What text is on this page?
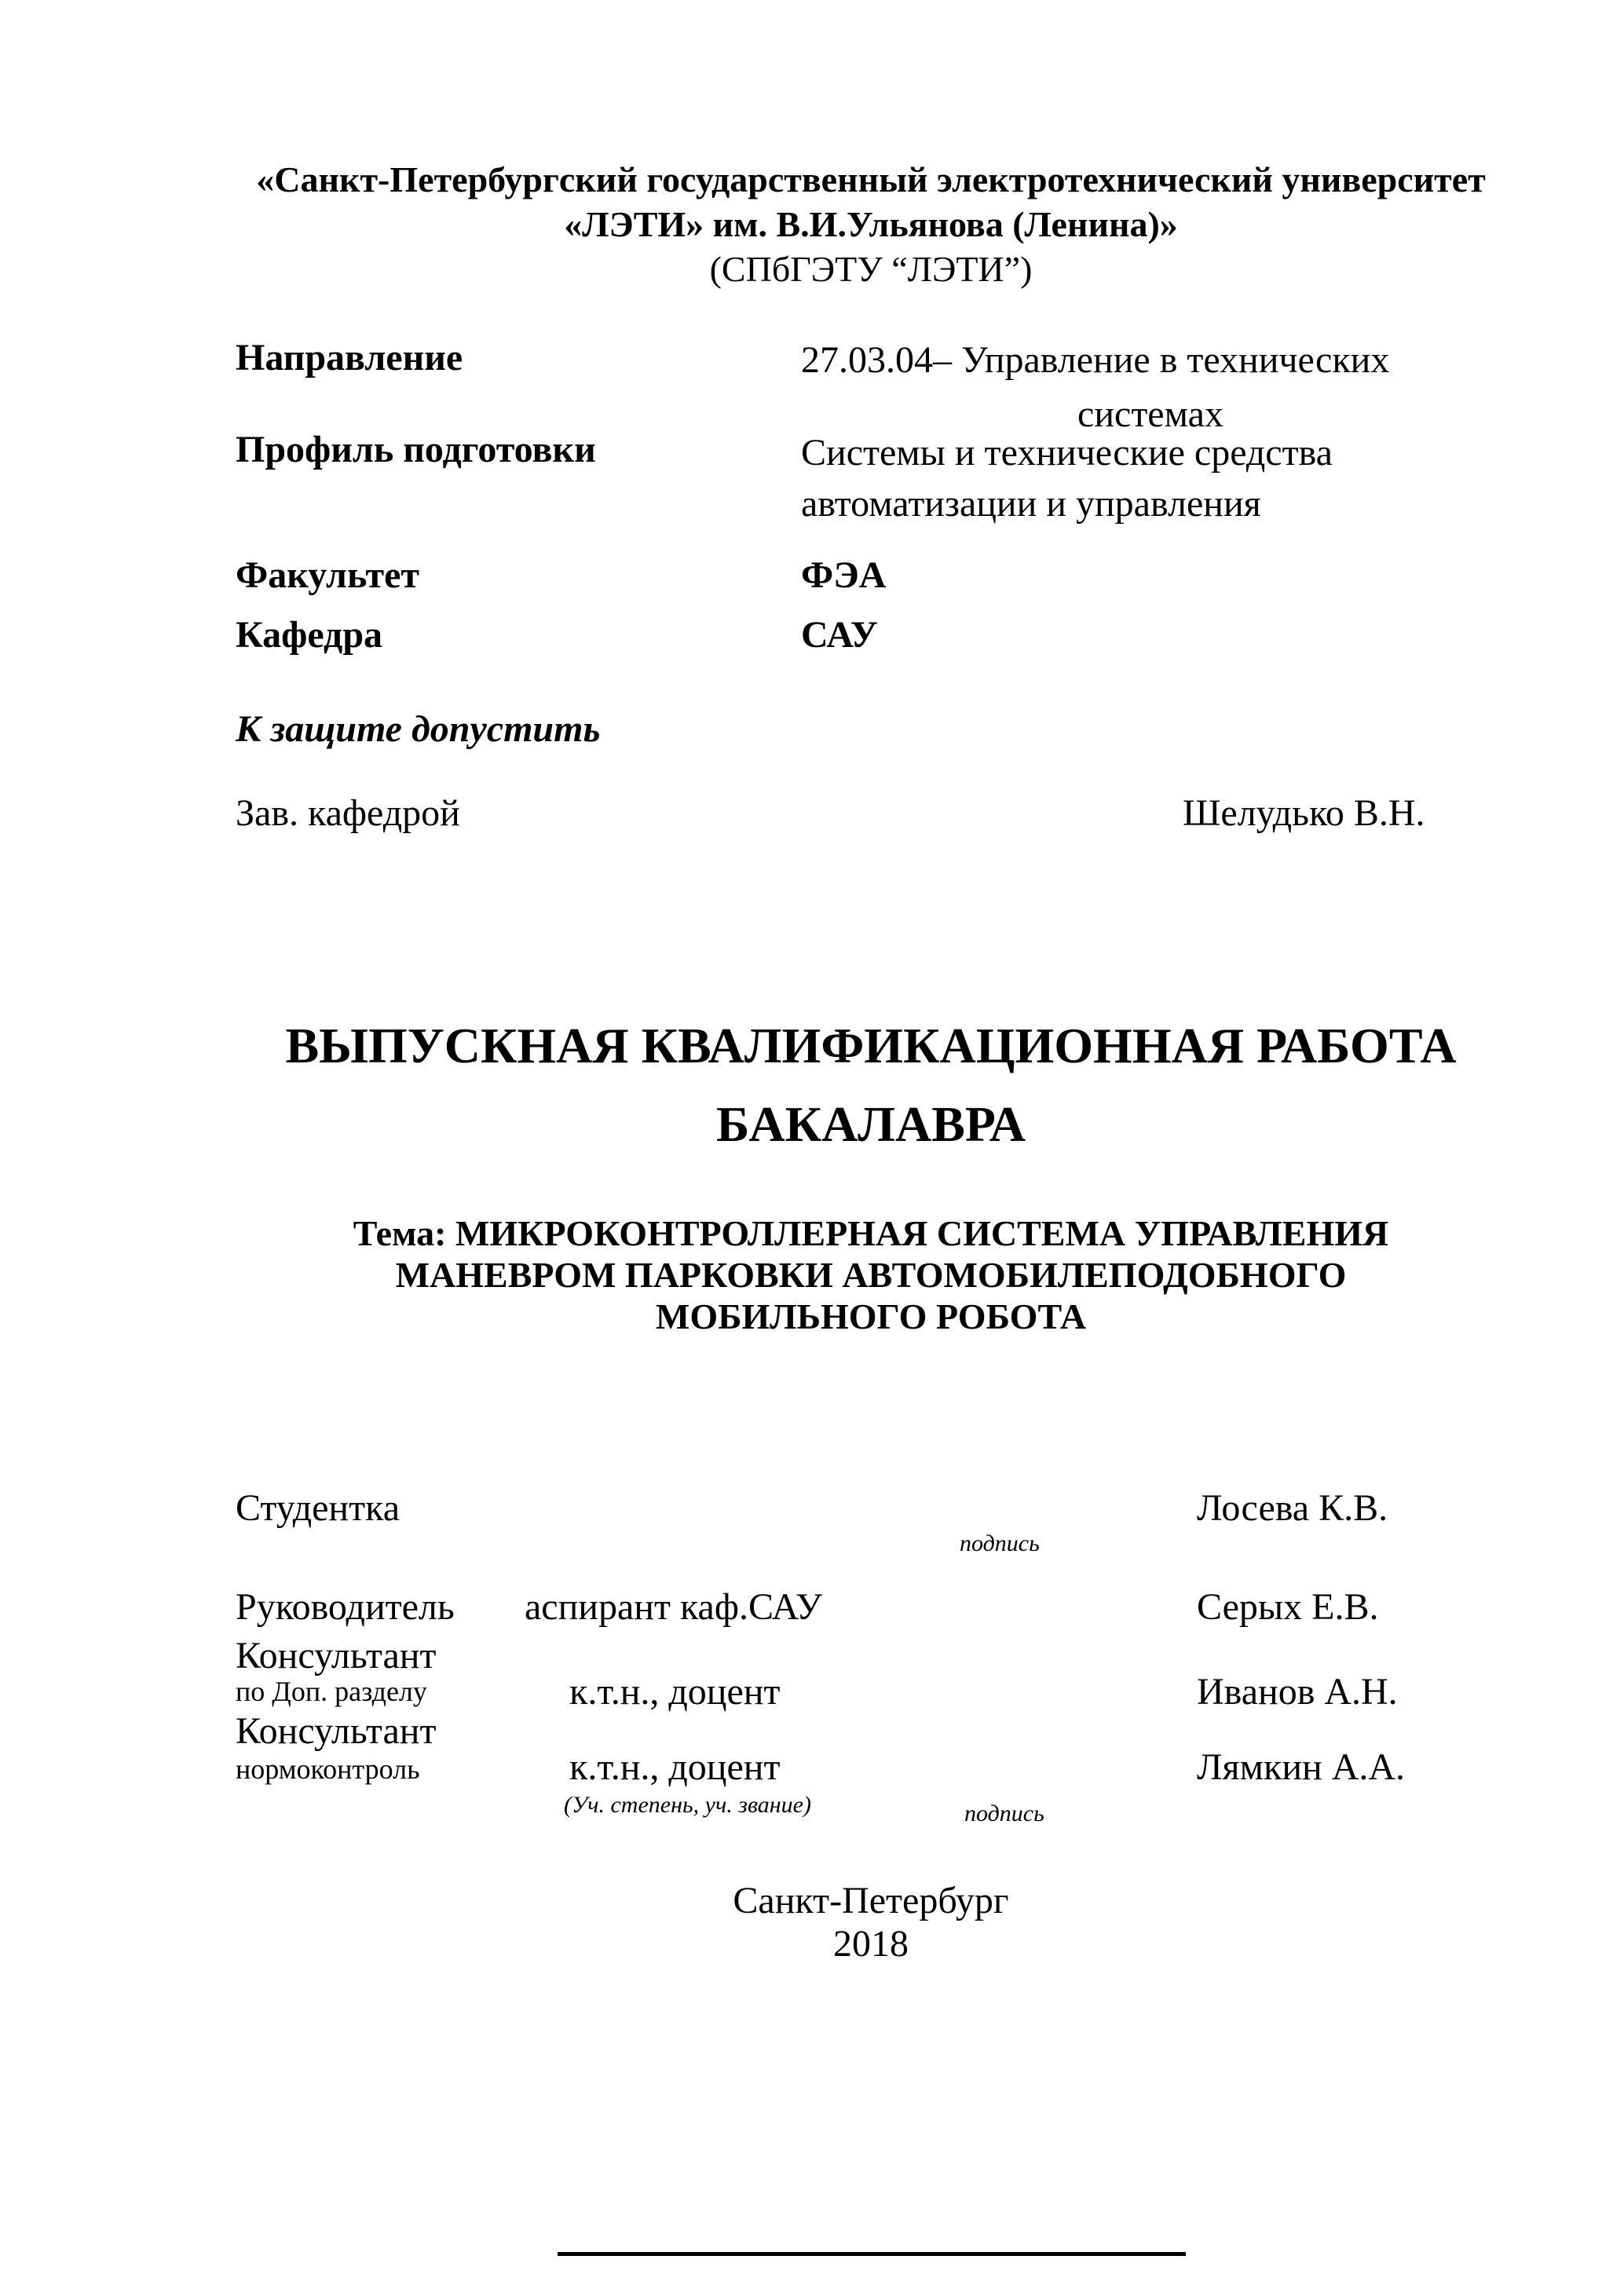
«Санкт-Петербургский государственный электротехнический университет
«ЛЭТИ» им. В.И.Ульянова (Ленина)»
(СПбГЭТУ “ЛЭТИ”)
Направление	27.03.04– Управление в технических
системах
Профиль подготовки	Системы и технические средства
автоматизации и управления
Факультет	ФЭА
Кафедра	САУ
К защите допустить
Зав. кафедрой	Шелудько В.Н.
ВЫПУСКНАЯ КВАЛИФИКАЦИОННАЯ РАБОТА
БАКАЛАВРА
Тема: МИКРОКОНТРОЛЛЕРНАЯ СИСТЕМА УПРАВЛЕНИЯ
МАНЕВРОМ ПАРКОВКИ АВТОМОБИЛЕПОДОБНОГО
МОБИЛЬНОГО РОБОТА
Студентка	Лосева К.В.
подпись
Руководитель аспирант каф.САУ	Серых Е.В.
Консультант
по Доп. разделу	к.т.н., доцент	Иванов А.Н.
Консультант
нормоконтроль	к.т.н., доцент	Лямкин А.А.
(Уч. степень, уч. звание)	подпись
Санкт-Петербург
2018
